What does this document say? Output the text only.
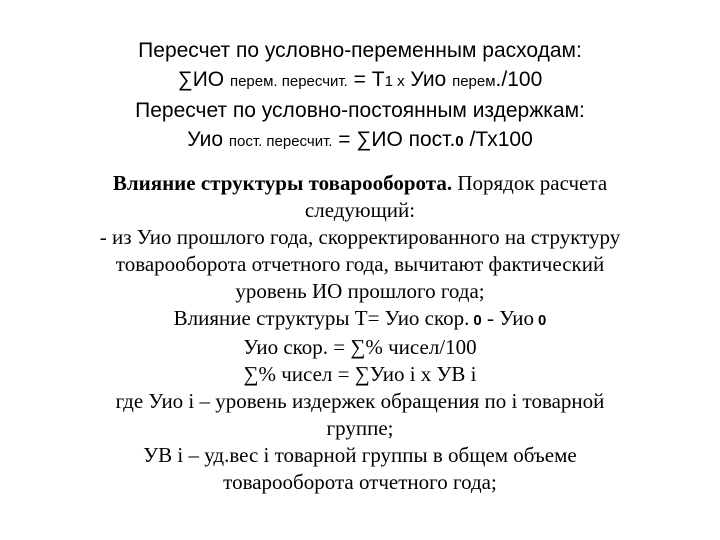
Пересчет по условно-переменным расходам:
∑ИО перем. пересчит. = Т1 х Уио перем./100
Пересчет по условно-постоянным издержкам:
Уио пост. пересчит. = ∑ИО пост.0 /Тх100
Влияние структуры товарооборота. Порядок расчета
следующий:
- из Уио прошлого года, скорректированного на структуру
товарооборота отчетного года, вычитают фактический
уровень ИО прошлого года;
Влияние структуры Т= Уио скор. 0 - Уио 0
Уио скор. = ∑% чисел/100
∑% чисел = ∑Уио i х УВ i
где Уио i – уровень издержек обращения по i товарной
группе;
УВ i – уд.вес i товарной группы в общем объеме
товарооборота отчетного года;
